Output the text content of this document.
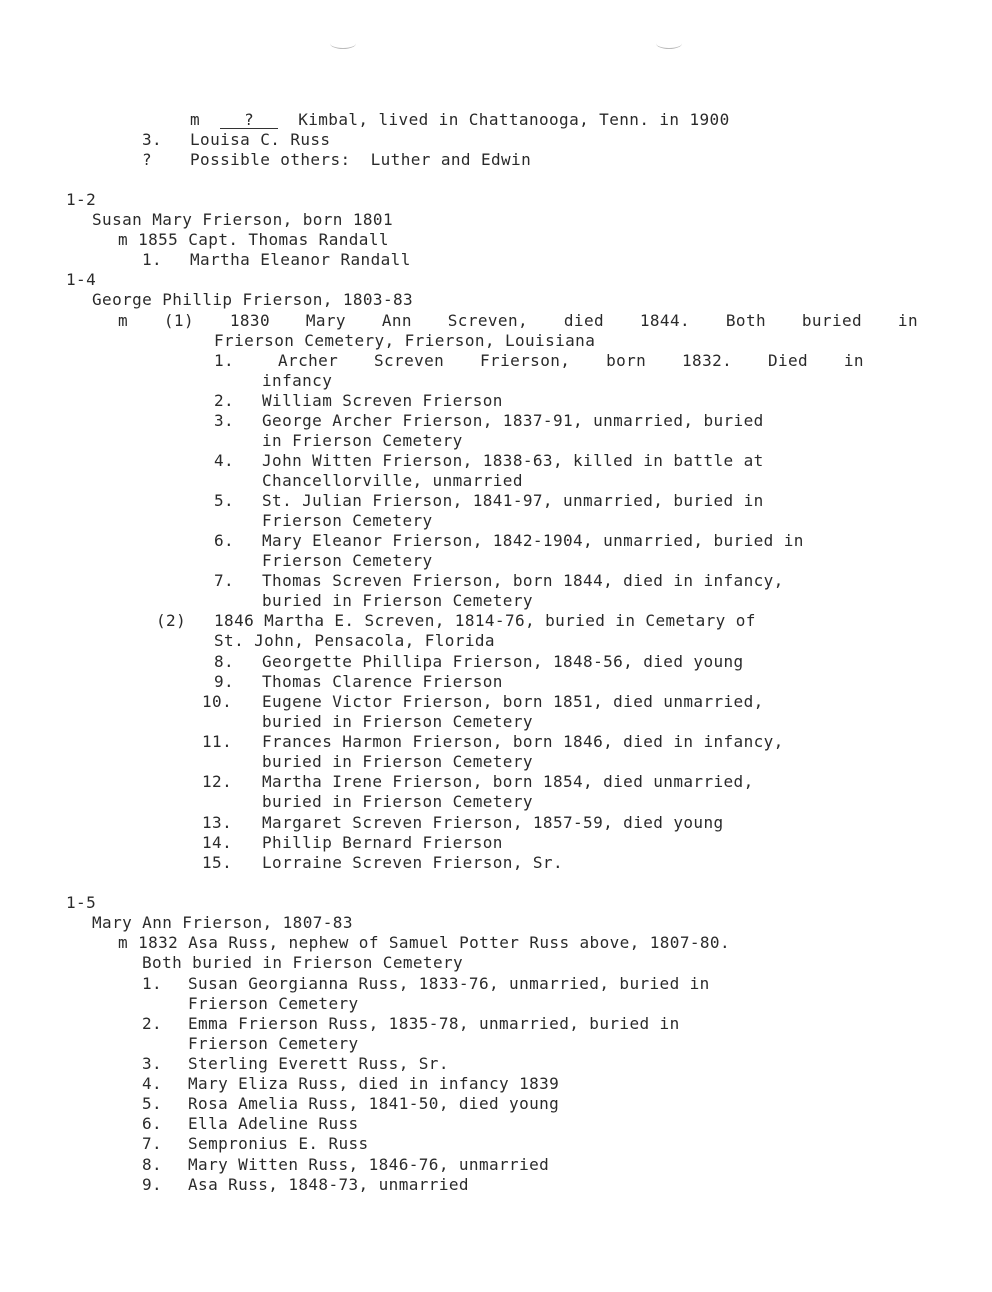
m	?	Kimbal, lived in Chattanooga, Tenn. in 1900
3. Louisa C. Russ
? Possible others:  Luther and Edwin
1-2
Susan Mary Frierson, born 1801
m 1855 Capt. Thomas Randall
1. Martha Eleanor Randall
1-4
George Phillip Frierson, 1803-83
m (1) 1830 Mary Ann Screven, died 1844. Both buried in
Frierson Cemetery, Frierson, Louisiana
1.	Archer Screven Frierson, born 1832. Died in
infancy
2. William Screven Frierson
3. George Archer Frierson, 1837-91, unmarried, buried
in Frierson Cemetery
4. John Witten Frierson, 1838-63, killed in battle at
Chancellorville, unmarried
5. St. Julian Frierson, 1841-97, unmarried, buried in
Frierson Cemetery
6. Mary Eleanor Frierson, 1842-1904, unmarried, buried in
Frierson Cemetery
7. Thomas Screven Frierson, born 1844, died in infancy,
buried in Frierson Cemetery
(2) 1846 Martha E. Screven, 1814-76, buried in Cemetary of
St. John, Pensacola, Florida
8. Georgette Phillipa Frierson, 1848-56, died young
9. Thomas Clarence Frierson
10. Eugene Victor Frierson, born 1851, died unmarried,
buried in Frierson Cemetery
11. Frances Harmon Frierson, born 1846, died in infancy,
buried in Frierson Cemetery
12. Martha Irene Frierson, born 1854, died unmarried,
buried in Frierson Cemetery
13. Margaret Screven Frierson, 1857-59, died young
14. Phillip Bernard Frierson
15. Lorraine Screven Frierson, Sr.
1-5
Mary Ann Frierson, 1807-83
m 1832 Asa Russ, nephew of Samuel Potter Russ above, 1807-80.
Both buried in Frierson Cemetery
1. Susan Georgianna Russ, 1833-76, unmarried, buried in
Frierson Cemetery
2. Emma Frierson Russ, 1835-78, unmarried, buried in
Frierson Cemetery
3. Sterling Everett Russ, Sr.
4. Mary Eliza Russ, died in infancy 1839
5. Rosa Amelia Russ, 1841-50, died young
6. Ella Adeline Russ
7. Sempronius E. Russ
8. Mary Witten Russ, 1846-76, unmarried
9. Asa Russ, 1848-73, unmarried
